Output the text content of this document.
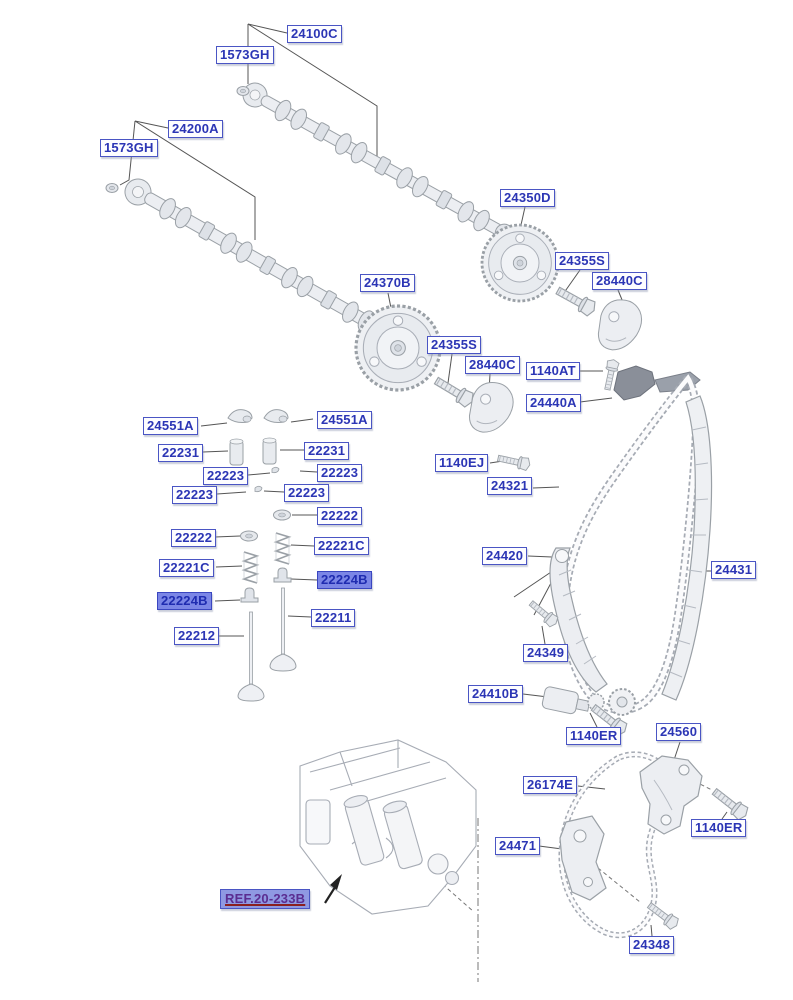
24100C
1573GH
24200A
1573GH
24350D
24355S
28440C
24370B
24355S
28440C	1140AT
24440A
24551A	24551A
22231	22231
22223	22223
22223	22223
22222
22222
22221C
22221C
22224B
22224B
22211
22212
1140EJ
24321
24420
24431
24349
24410B
1140ER	24560
26174E
24471
1140ER
24348
REF.20-233B
